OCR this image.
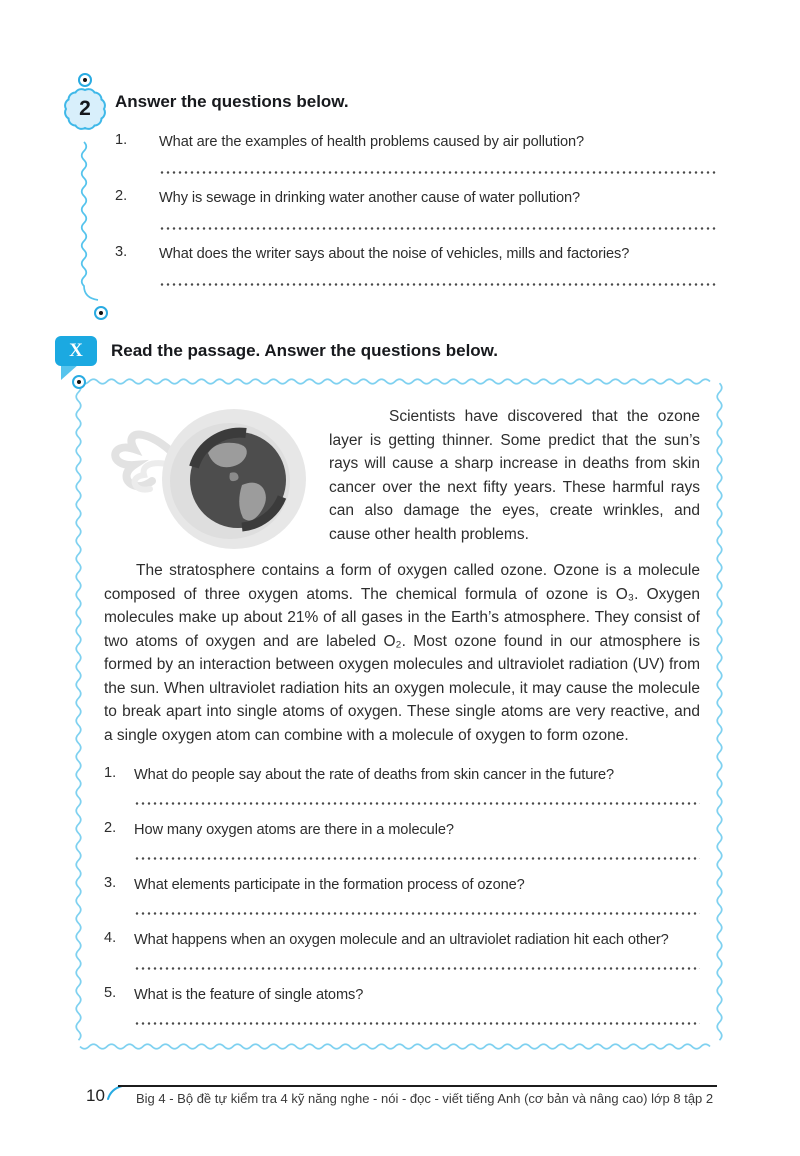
2	Answer the questions below.

1.	What are the examples of health problems caused by air pollution?
2.	Why is sewage in drinking water another cause of water pollution?
3.	What does the writer says about the noise of vehicles, mills and factories?
X	Read the passage. Answer the questions below.

Scientists have discovered that the ozone layer is getting thinner. Some predict that the sun’s rays will cause a sharp increase in deaths from skin cancer over the next fifty years. These harmful rays can also damage the eyes, create wrinkles, and cause other health problems.

The stratosphere contains a form of oxygen called ozone. Ozone is a molecule composed of three oxygen atoms. The chemical formula of ozone is O₃. Oxygen molecules make up about 21% of all gases in the Earth’s atmosphere. They consist of two atoms of oxygen and are labeled O₂. Most ozone found in our atmosphere is formed by an interaction between oxygen molecules and ultraviolet radiation (UV) from the sun. When ultraviolet radiation hits an oxygen molecule, it may cause the molecule to break apart into single atoms of oxygen. These single atoms are very reactive, and a single oxygen atom can combine with a molecule of oxygen to form ozone.

1.	What do people say about the rate of deaths from skin cancer in the future?
2.	How many oxygen atoms are there in a molecule?
3.	What elements participate in the formation process of ozone?
4.	What happens when an oxygen molecule and an ultraviolet radiation hit each other?
5.	What is the feature of single atoms?
10 Big 4 - Bộ đề tự kiểm tra 4 kỹ năng nghe - nói - đọc - viết tiếng Anh (cơ bản và nâng cao) lớp 8 tập 2
